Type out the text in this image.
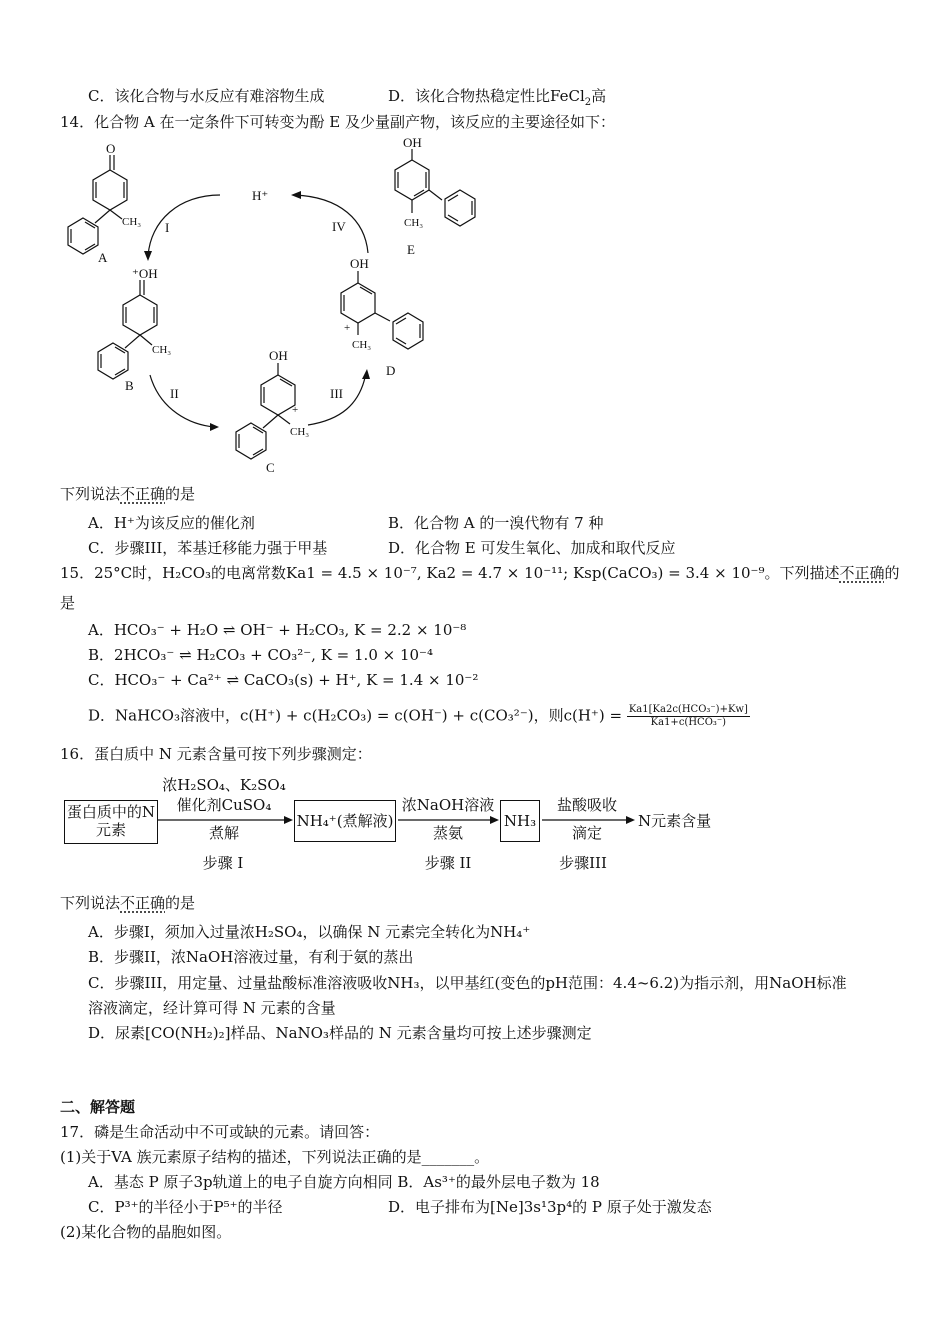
C．该化合物与水反应有难溶物生成	D．该化合物热稳定性比FeCl$_2$高
14．化合物 A 在一定条件下可转变为酚 E 及少量副产物，该反应的主要途径如下：
O
CH₃
A
⁺OH
CH₃
B
OH
+
CH₃
C
OH
+
CH₃
D
OH
CH₃
E
H⁺
I
II	III
IV
下列说法不正确的是
A．H⁺为该反应的催化剂	B．化合物 A 的一溴代物有 7 种
C．步骤III，苯基迁移能力强于甲基	D．化合物 E 可发生氧化、加成和取代反应
15．25°C时，H₂CO₃的电离常数Ka1 = 4.5 × 10⁻⁷, Ka2 = 4.7 × 10⁻¹¹; Ksp(CaCO₃) = 3.4 × 10⁻⁹。下列描述不正确的
是
A．HCO₃⁻ + H₂O ⇌ OH⁻ + H₂CO₃, K = 2.2 × 10⁻⁸
B．2HCO₃⁻ ⇌ H₂CO₃ + CO₃²⁻, K = 1.0 × 10⁻⁴
C．HCO₃⁻ + Ca²⁺ ⇌ CaCO₃(s) + H⁺, K = 1.4 × 10⁻²
D．NaHCO₃溶液中，c(H⁺) + c(H₂CO₃) = c(OH⁻) + c(CO₃²⁻)，则$c(H^+) = \frac{\text{Ka1[Ka2c(HCO₃⁻)+Kw]}}{\text{Ka1+c(HCO₃⁻)}}$
16．蛋白质中 N 元素含量可按下列步骤测定：
蛋白质中的N元素
浓H₂SO₄、K₂SO₄
催化剂CuSO₄
煮解
NH₄⁺(煮解液)
浓NaOH溶液
蒸氨
NH₃
盐酸吸收
滴定
N元素含量
步骤 I	步骤 II	步骤III
下列说法不正确的是
A．步骤I，须加入过量浓H₂SO₄，以确保 N 元素完全转化为NH₄⁺
B．步骤II，浓NaOH溶液过量，有利于氨的蒸出
C．步骤III，用定量、过量盐酸标准溶液吸收NH₃，以甲基红(变色的pH范围：4.4~6.2)为指示剂，用NaOH标准
溶液滴定，经计算可得 N 元素的含量
D．尿素[CO(NH₂)₂]样品、NaNO₃样品的 N 元素含量均可按上述步骤测定
二、解答题
17．磷是生命活动中不可或缺的元素。请回答：
(1)关于VA 族元素原子结构的描述，下列说法正确的是_______。
A．基态 P 原子3p轨道上的电子自旋方向相同 B．As³⁺的最外层电子数为 18
C．P³⁺的半径小于P⁵⁺的半径	D．电子排布为[Ne]3s¹3p⁴的 P 原子处于激发态
(2)某化合物的晶胞如图。
